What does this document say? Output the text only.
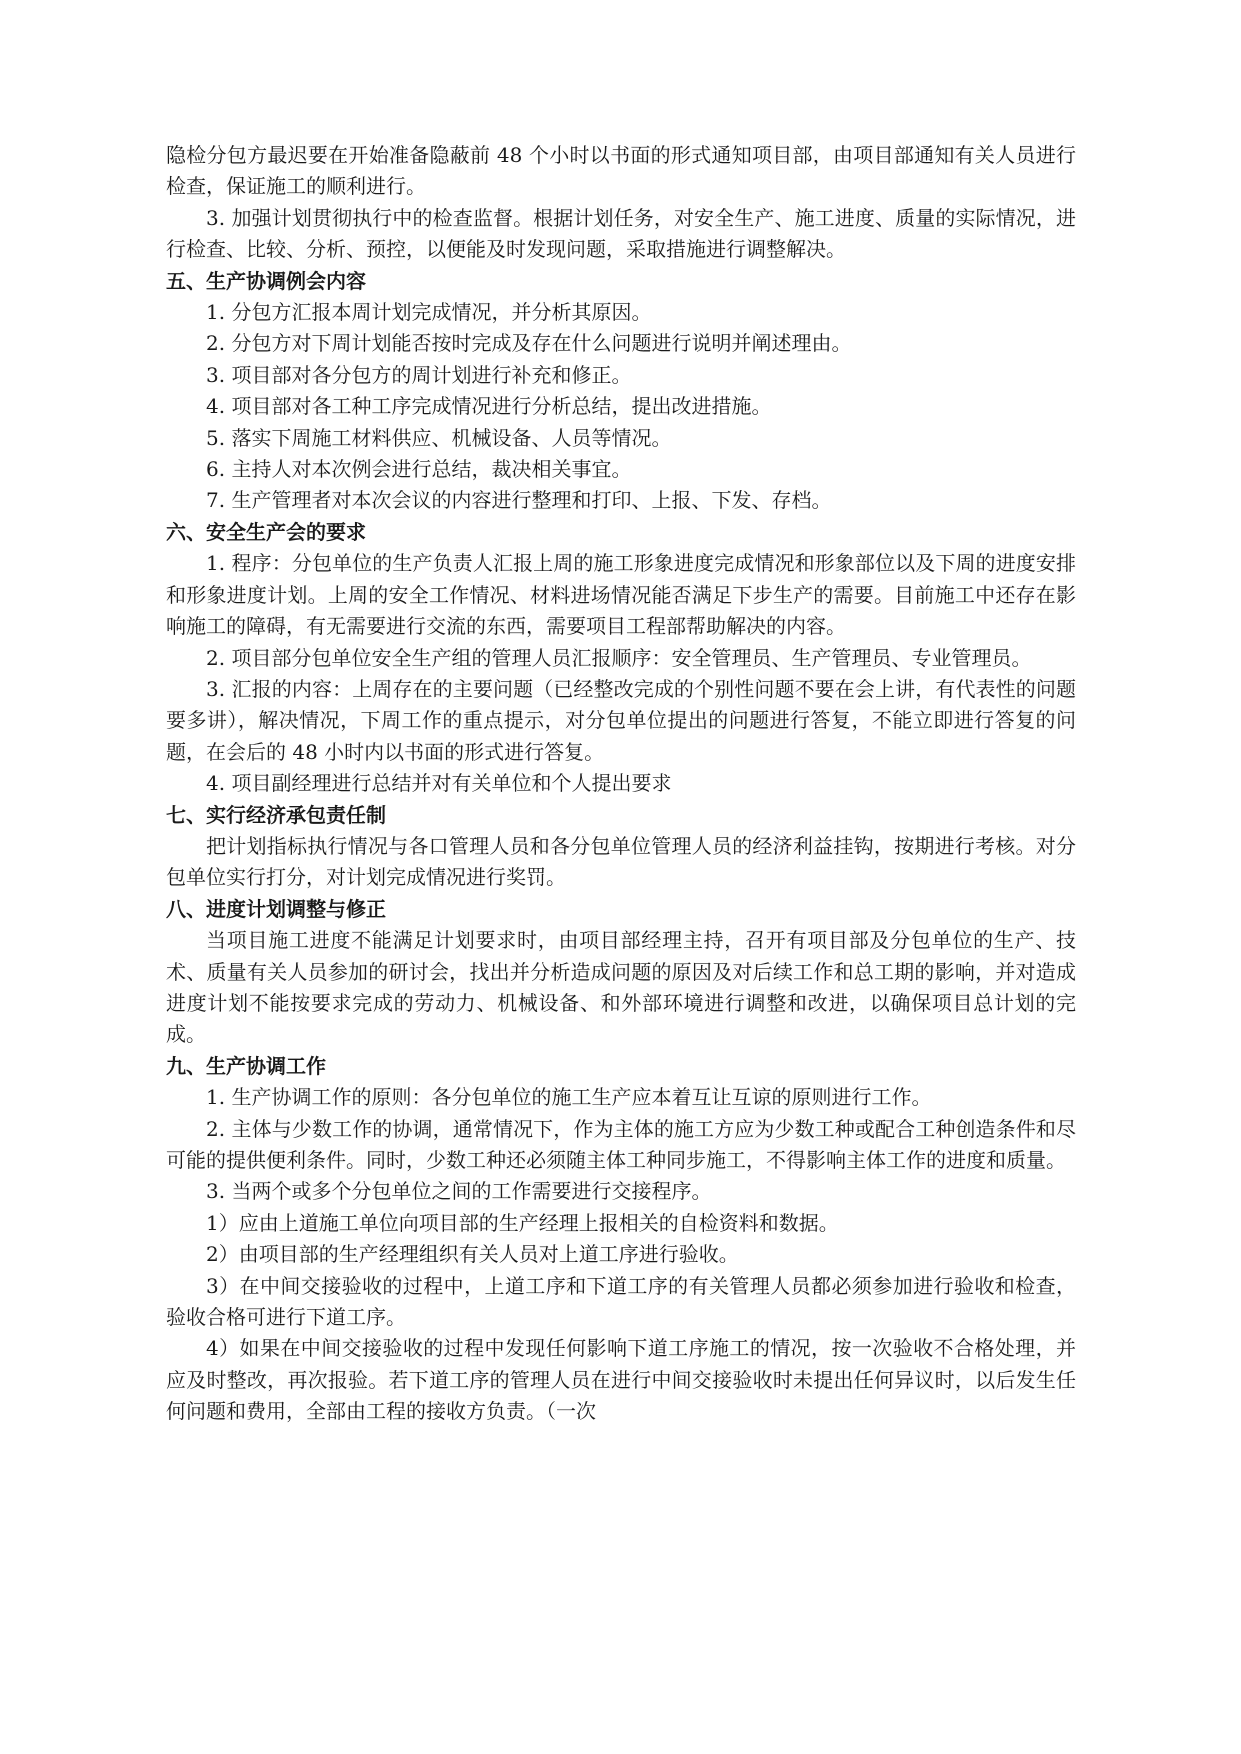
隐检分包方最迟要在开始准备隐蔽前 48 个小时以书面的形式通知项目部，由项目部通知有关人员进行检查，保证施工的顺利进行。

3. 加强计划贯彻执行中的检查监督。根据计划任务，对安全生产、施工进度、质量的实际情况，进行检查、比较、分析、预控，以便能及时发现问题，采取措施进行调整解决。

五、生产协调例会内容

1. 分包方汇报本周计划完成情况，并分析其原因。

2. 分包方对下周计划能否按时完成及存在什么问题进行说明并阐述理由。

3. 项目部对各分包方的周计划进行补充和修正。

4. 项目部对各工种工序完成情况进行分析总结，提出改进措施。

5. 落实下周施工材料供应、机械设备、人员等情况。

6. 主持人对本次例会进行总结，裁决相关事宜。

7. 生产管理者对本次会议的内容进行整理和打印、上报、下发、存档。

六、安全生产会的要求

1. 程序：分包单位的生产负责人汇报上周的施工形象进度完成情况和形象部位以及下周的进度安排和形象进度计划。上周的安全工作情况、材料进场情况能否满足下步生产的需要。目前施工中还存在影响施工的障碍，有无需要进行交流的东西，需要项目工程部帮助解决的内容。

2. 项目部分包单位安全生产组的管理人员汇报顺序：安全管理员、生产管理员、专业管理员。

3. 汇报的内容：上周存在的主要问题（已经整改完成的个别性问题不要在会上讲，有代表性的问题要多讲），解决情况，下周工作的重点提示，对分包单位提出的问题进行答复，不能立即进行答复的问题，在会后的 48 小时内以书面的形式进行答复。

4. 项目副经理进行总结并对有关单位和个人提出要求

七、实行经济承包责任制

把计划指标执行情况与各口管理人员和各分包单位管理人员的经济利益挂钩，按期进行考核。对分包单位实行打分，对计划完成情况进行奖罚。

八、进度计划调整与修正

当项目施工进度不能满足计划要求时，由项目部经理主持，召开有项目部及分包单位的生产、技术、质量有关人员参加的研讨会，找出并分析造成问题的原因及对后续工作和总工期的影响，并对造成进度计划不能按要求完成的劳动力、机械设备、和外部环境进行调整和改进，以确保项目总计划的完成。

九、生产协调工作

1. 生产协调工作的原则：各分包单位的施工生产应本着互让互谅的原则进行工作。

2. 主体与少数工作的协调，通常情况下，作为主体的施工方应为少数工种或配合工种创造条件和尽可能的提供便利条件。同时，少数工种还必须随主体工种同步施工，不得影响主体工作的进度和质量。

3. 当两个或多个分包单位之间的工作需要进行交接程序。

1）应由上道施工单位向项目部的生产经理上报相关的自检资料和数据。

2）由项目部的生产经理组织有关人员对上道工序进行验收。

3）在中间交接验收的过程中，上道工序和下道工序的有关管理人员都必须参加进行验收和检查，验收合格可进行下道工序。

4）如果在中间交接验收的过程中发现任何影响下道工序施工的情况，按一次验收不合格处理，并应及时整改，再次报验。若下道工序的管理人员在进行中间交接验收时未提出任何异议时，以后发生任何问题和费用，全部由工程的接收方负责。（一次
